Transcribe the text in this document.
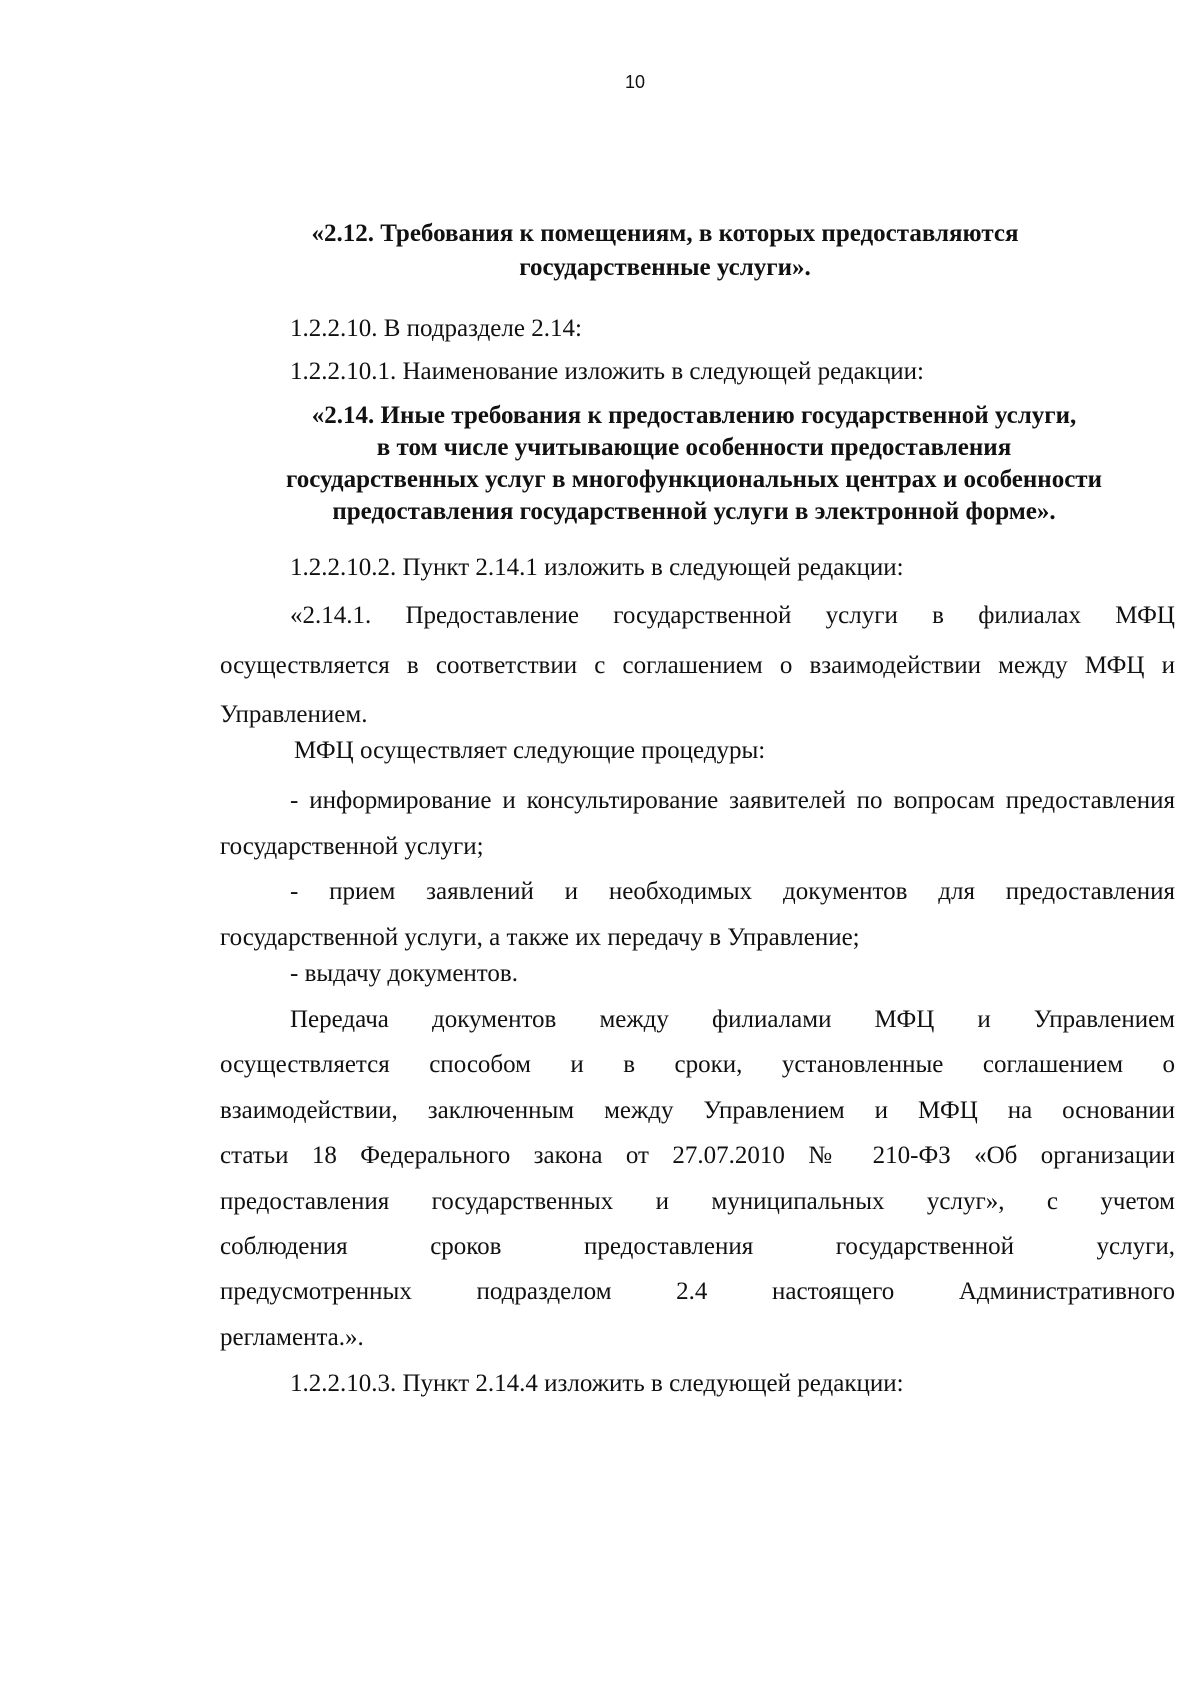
10
«2.12. Требования к помещениям, в которых предоставляются
государственные услуги».
1.2.2.10. В подразделе 2.14:
1.2.2.10.1. Наименование изложить в следующей редакции:
«2.14. Иные требования к предоставлению государственной услуги,
в том числе учитывающие особенности предоставления
государственных услуг в многофункциональных центрах и особенности
предоставления государственной услуги в электронной форме».
1.2.2.10.2. Пункт 2.14.1 изложить в следующей редакции:
«2.14.1. Предоставление государственной услуги в филиалах МФЦ осуществляется в соответствии с соглашением о взаимодействии между МФЦ и Управлением.
МФЦ осуществляет следующие процедуры:
- информирование и консультирование заявителей по вопросам предоставления государственной услуги;
- прием заявлений и необходимых документов для предоставления государственной услуги, а также их передачу в Управление;
- выдачу документов.
Передача документов между филиалами МФЦ и Управлением
осуществляется способом и в сроки, установленные соглашением о
взаимодействии, заключенным между Управлением и МФЦ на основании
статьи 18 Федерального закона от 27.07.2010 № 210-ФЗ «Об организации
предоставления государственных и муниципальных услуг», с учетом
соблюдения сроков предоставления государственной услуги,
предусмотренных подразделом 2.4 настоящего Административного
регламента.».
1.2.2.10.3. Пункт 2.14.4 изложить в следующей редакции:
